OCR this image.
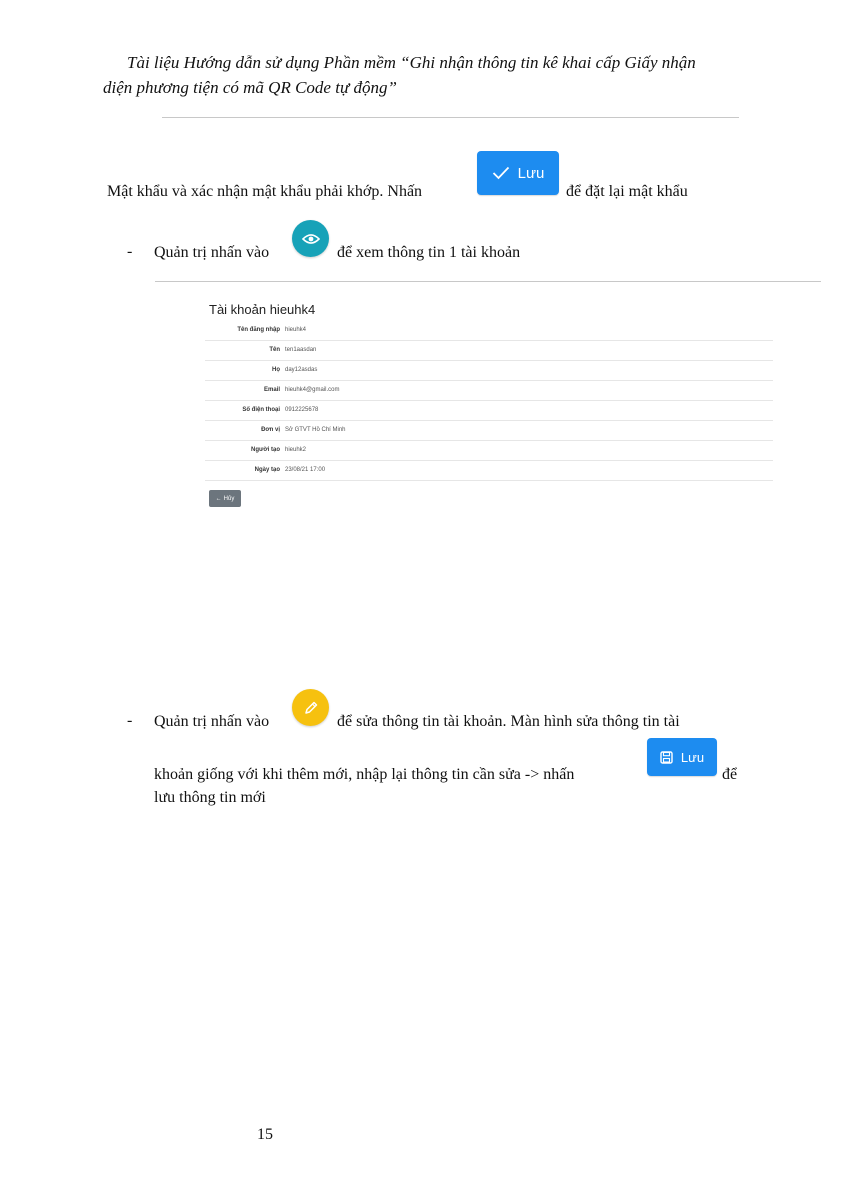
Tài liệu Hướng dẫn sử dụng Phần mềm “Ghi nhận thông tin kê khai cấp Giấy nhận
diện phương tiện có mã QR Code tự động”
Mật khẩu và xác nhận mật khẩu phải khớp. Nhấn
Lưu
để đặt lại mật khẩu
- Quản trị nhấn vào	để xem thông tin 1 tài khoản
Tài khoản hieuhk4
Tên đăng nhập hieuhk4
Tên ten1aasdan
Họ day12asdas
Email hieuhk4@gmail.com
Số điện thoại 0912225678
Đơn vị Sở GTVT Hồ Chí Minh
Người tạo hieuhk2
Ngày tạo 23/08/21 17:00
← Hủy
- Quản trị nhấn vào	để sửa thông tin tài khoản. Màn hình sửa thông tin tài
khoản giống với khi thêm mới, nhập lại thông tin cần sửa -> nhấn
Lưu
để
lưu thông tin mới
15
